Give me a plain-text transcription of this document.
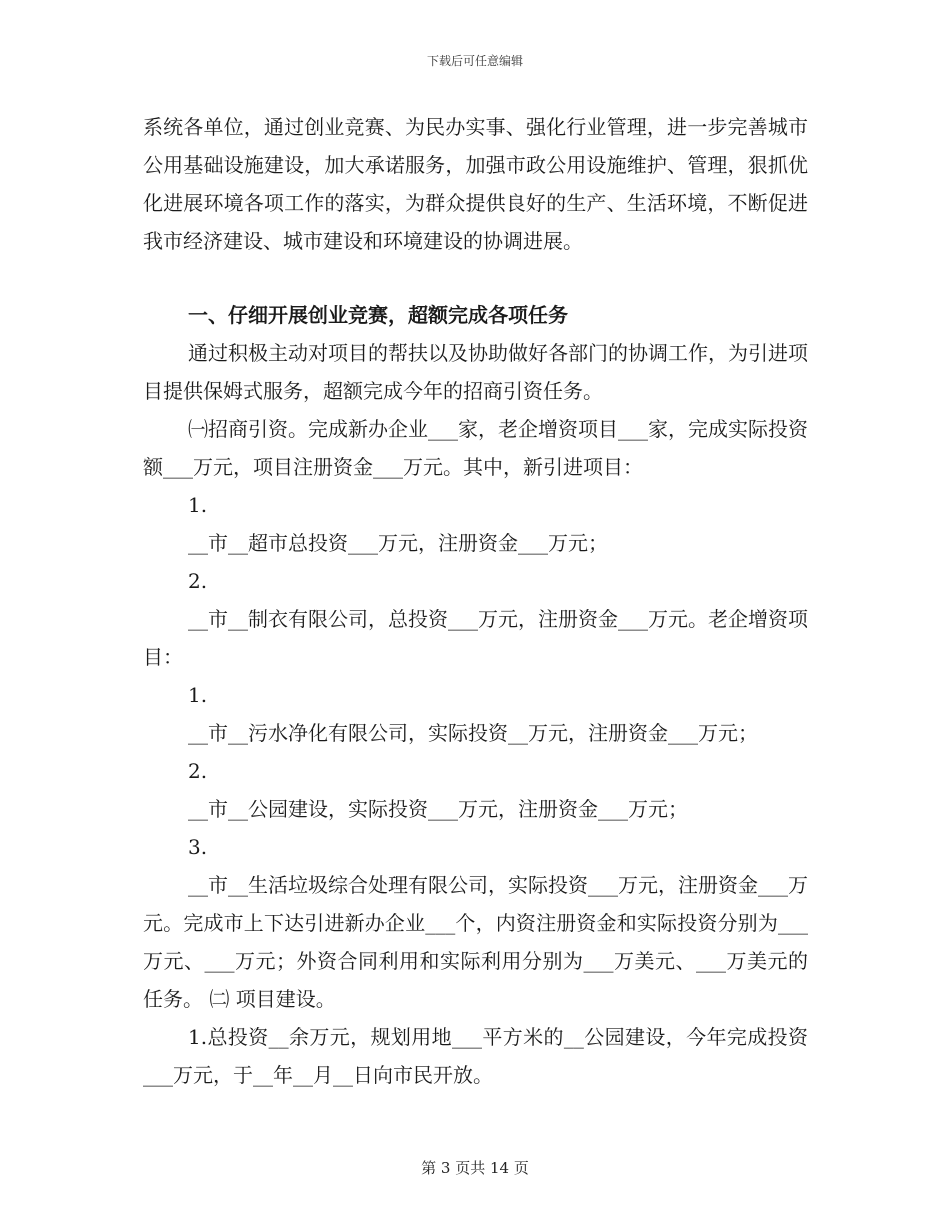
下载后可任意编辑

系统各单位，通过创业竞赛、为民办实事、强化行业管理，进一步完善城市公用基础设施建设，加大承诺服务，加强市政公用设施维护、管理，狠抓优化进展环境各项工作的落实，为群众提供良好的生产、生活环境，不断促进我市经济建设、城市建设和环境建设的协调进展。

一、仔细开展创业竞赛，超额完成各项任务

通过积极主动对项目的帮扶以及协助做好各部门的协调工作，为引进项目提供保姆式服务，超额完成今年的招商引资任务。

㈠招商引资。完成新办企业___家，老企增资项目___家，完成实际投资额___万元，项目注册资金___万元。其中，新引进项目：

1.

__市__超市总投资___万元，注册资金___万元；

2.

__市__制衣有限公司，总投资___万元，注册资金___万元。老企增资项目：

1.

__市__污水净化有限公司，实际投资__万元，注册资金___万元；

2.

__市__公园建设，实际投资___万元，注册资金___万元；

3.

__市__生活垃圾综合处理有限公司，实际投资___万元，注册资金___万元。完成市上下达引进新办企业___个，内资注册资金和实际投资分别为___万元、___万元；外资合同利用和实际利用分别为___万美元、___万美元的任务。 ㈡ 项目建设。

1.总投资__余万元，规划用地___平方米的__公园建设，今年完成投资___万元，于__年__月__日向市民开放。

第 3 页共 14 页
